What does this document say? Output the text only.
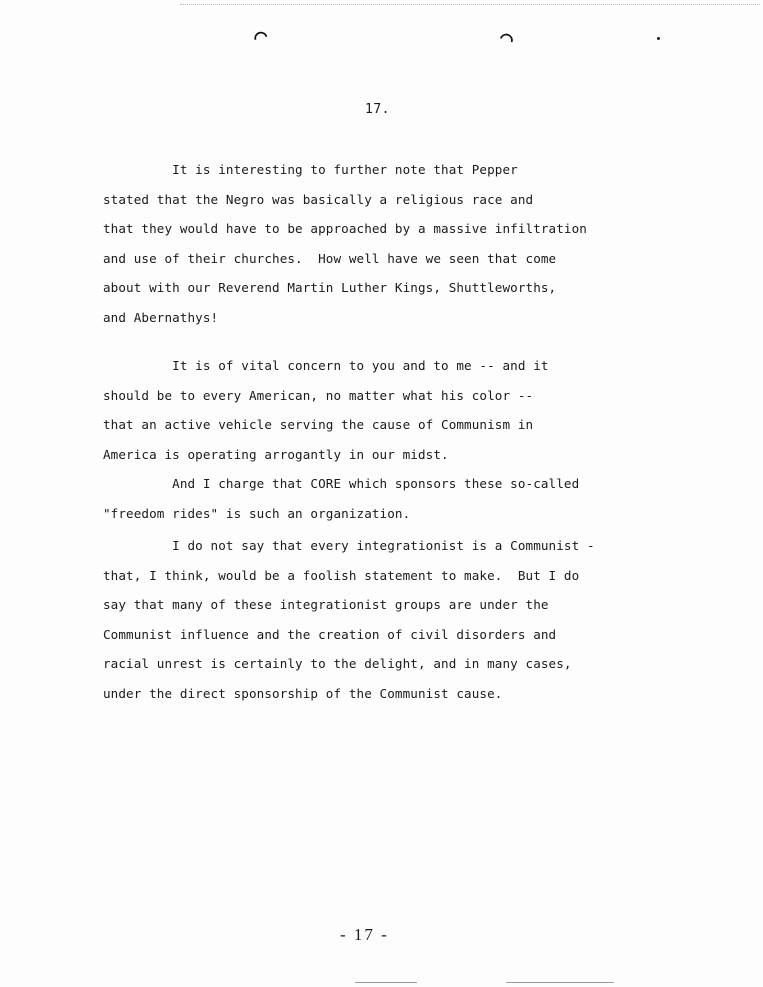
⌒	⌒
17.
It is interesting to further note that Pepper
stated that the Negro was basically a religious race and
that they would have to be approached by a massive infiltration
and use of their churches.  How well have we seen that come
about with our Reverend Martin Luther Kings, Shuttleworths,
and Abernathys!
It is of vital concern to you and to me -- and it
should be to every American, no matter what his color --
that an active vehicle serving the cause of Communism in
America is operating arrogantly in our midst.
And I charge that CORE which sponsors these so-called
"freedom rides" is such an organization.
I do not say that every integrationist is a Communist -
that, I think, would be a foolish statement to make.  But I do
say that many of these integrationist groups are under the
Communist influence and the creation of civil disorders and
racial unrest is certainly to the delight, and in many cases,
under the direct sponsorship of the Communist cause.
- 17 -
